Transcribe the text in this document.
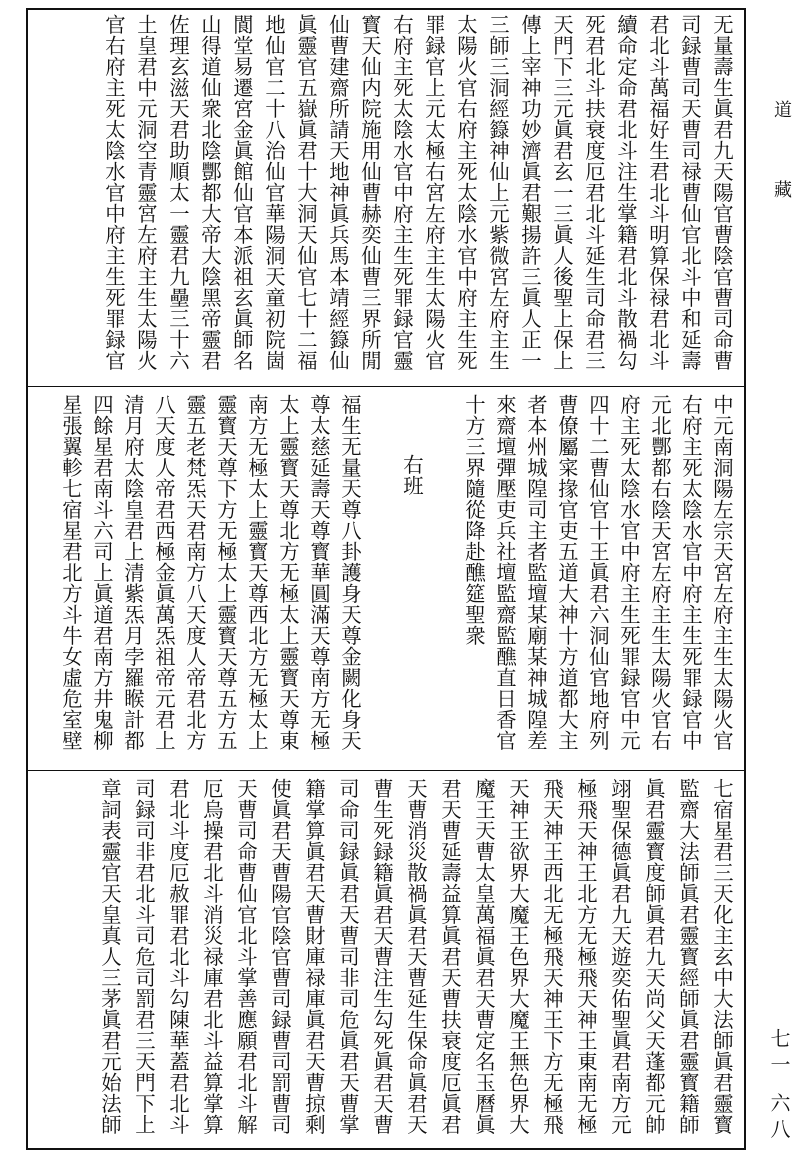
道
藏
七一 六八
无量壽生眞君九天陽官曹陰官曹司命曹
司録曹司天曹司禄曹仙官北斗中和延壽
君北斗萬福好生君北斗明算保禄君北斗
續命定命君北斗注生掌籍君北斗散禍勾
死君北斗扶衰度厄君北斗延生司命君三
天門下三元眞君玄一三眞人後聖上保上
傳上宰神功妙濟眞君艱揚許三眞人正一
三師三洞經籙神仙上元紫微宮左府主生
太陽火官右府主死太陰水官中府主生死
罪録官上元太極右宮左府主生太陽火官
右府主死太陰水官中府主生死罪録官靈
寳天仙内院施用仙曹赫奕仙曹三界所閒
仙曹建齋所請天地神眞兵馬本靖經籙仙
眞靈官五嶽眞君十大洞天仙官七十二福
地仙官二十八治仙官華陽洞天童初院崮
閬堂易遷宮金眞館仙官本派祖玄眞師名
山得道仙衆北陰酆都大帝大陰黑帝靈君
佐理玄滋天君助順太一靈君九壘三十六
土皇君中元洞空青靈宮左府主生太陽火
官右府主死太陰水官中府主生死罪録官
中元南洞陽左宗天宮左府主生太陽火官
右府主死太陰水官中府主生死罪録官中
元北酆都右陰天宮左府主生太陽火官右
府主死太陰水官中府主生死罪録官中元
四十二曹仙官十王眞君六洞仙官地府列
曹僚屬寀掾官吏五道大神十方道都大主
者本州城隍司主者監壇某廟某神城隍差
來齋壇彈壓吏兵社壇監齋監醮直日香官
十方三界隨從降赴醮筵聖衆
右班
福生无量天尊八卦護身天尊金闕化身天
尊太慈延壽天尊寳華圓滿天尊南方无極
太上靈寳天尊北方无極太上靈寳天尊東
南方无極太上靈寳天尊西北方无極太上
靈寳天尊下方无極太上靈寳天尊五方五
靈五老梵炁天君南方八天度人帝君北方
八天度人帝君西極金眞萬炁祖帝元君上
清月府太陰皇君上清紫炁月孛羅睺計都
四餘星君南斗六司上眞道君南方井鬼柳
星張翼軫七宿星君北方斗牛女虛危室壁
七宿星君三天化主玄中大法師眞君靈寳
監齋大法師眞君靈寳經師眞君靈寳籍師
眞君靈寳度師眞君九天尚父天蓬都元帥
翊聖保德眞君九天遊奕佑聖眞君南方元
極飛天神王北方无極飛天神王東南无極
飛天神王西北无極飛天神王下方无極飛
天神王欲界大魔王色界大魔王無色界大
魔王天曹太皇萬福眞君天曹定名玉曆眞
君天曹延壽益算眞君天曹扶衰度厄眞君
天曹消災散禍眞君天曹延生保命眞君天
曹生死録籍眞君天曹注生勾死眞君天曹
司命司録眞君天曹司非司危眞君天曹掌
籍掌算眞君天曹財庫禄庫眞君天曹掠剩
使眞君天曹陽官陰官曹司録曹司罰曹司
天曹司命曹仙官北斗掌善應願君北斗解
厄烏操君北斗消災禄庫君北斗益算掌算
君北斗度厄赦罪君北斗勾陳華蓋君北斗
司録司非君北斗司危司罰君三天門下上
章詞表靈官天皇真人三茅眞君元始法師
